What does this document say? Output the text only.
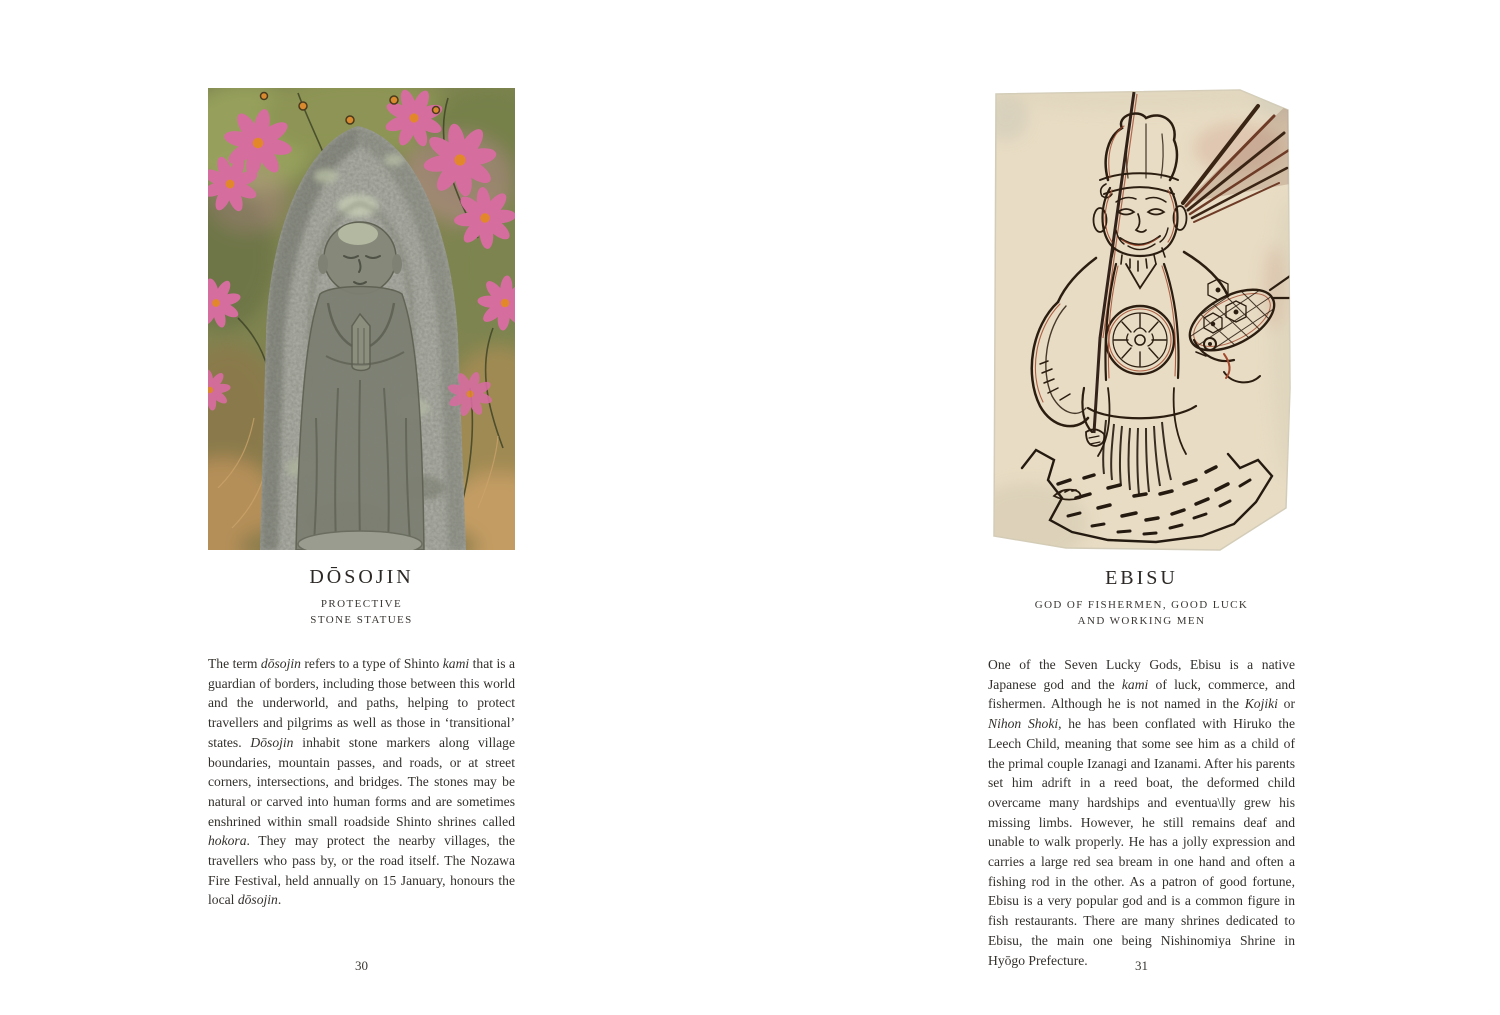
DŌSOJIN
PROTECTIVE
STONE STATUES

The term dōsojin refers to a type of Shinto kami that is a guardian of borders, including those between this world and the underworld, and paths, helping to protect travellers and pilgrims as well as those in ‘transitional’ states. Dōsojin inhabit stone markers along village boundaries, mountain passes, and roads, or at street corners, intersections, and bridges. The stones may be natural or carved into human forms and are sometimes enshrined within small roadside Shinto shrines called hokora. They may protect the nearby villages, the travellers who pass by, or the road itself. The Nozawa Fire Festival, held annually on 15 January, honours the local dōsojin.

30
EBISU
GOD OF FISHERMEN, GOOD LUCK
AND WORKING MEN

One of the Seven Lucky Gods, Ebisu is a native Japanese god and the kami of luck, commerce, and fishermen. Although he is not named in the Kojiki or Nihon Shoki, he has been conflated with Hiruko the Leech Child, meaning that some see him as a child of the primal couple Izanagi and Izanami. After his parents set him adrift in a reed boat, the deformed child overcame many hardships and eventua\lly grew his missing limbs. However, he still remains deaf and unable to walk properly. He has a jolly expression and carries a large red sea bream in one hand and often a fishing rod in the other. As a patron of good fortune, Ebisu is a very popular god and is a common figure in fish restaurants. There are many shrines dedicated to Ebisu, the main one being Nishinomiya Shrine in Hyōgo Prefecture.	31
